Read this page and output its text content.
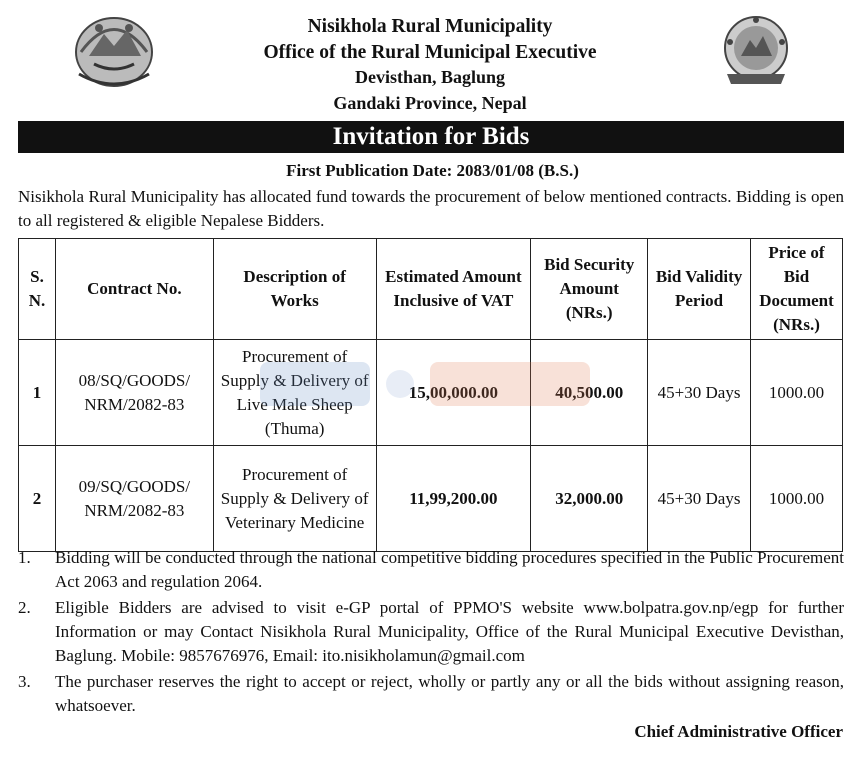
Nisikhola Rural Municipality
Office of the Rural Municipal Executive
Devisthan, Baglung
Gandaki Province, Nepal
Invitation for Bids
First Publication Date: 2083/01/08 (B.S.)
Nisikhola Rural Municipality has allocated fund towards the procurement of below mentioned contracts. Bidding is open to all registered & eligible Nepalese Bidders.
S. N.	Contract No.	Description of Works	Estimated Amount Inclusive of VAT	Bid Security Amount (NRs.)	Bid Validity Period	Price of Bid Document (NRs.)
1	08/SQ/GOODS/ NRM/2082-83	Procurement of Supply & Delivery of Live Male Sheep (Thuma)	15,00,000.00	40,500.00	45+30 Days	1000.00
2	09/SQ/GOODS/ NRM/2082-83	Procurement of Supply & Delivery of Veterinary Medicine	11,99,200.00	32,000.00	45+30 Days	1000.00
1. Bidding will be conducted through the national competitive bidding procedures specified in the Public Procurement Act 2063 and regulation 2064.
2. Eligible Bidders are advised to visit e-GP portal of PPMO'S website www.bolpatra.gov.np/egp for further Information or may Contact Nisikhola Rural Municipality, Office of the Rural Municipal Executive Devisthan, Baglung. Mobile: 9857676976, Email: ito.nisikholamun@gmail.com
3. The purchaser reserves the right to accept or reject, wholly or partly any or all the bids without assigning reason, whatsoever.
Chief Administrative Officer
